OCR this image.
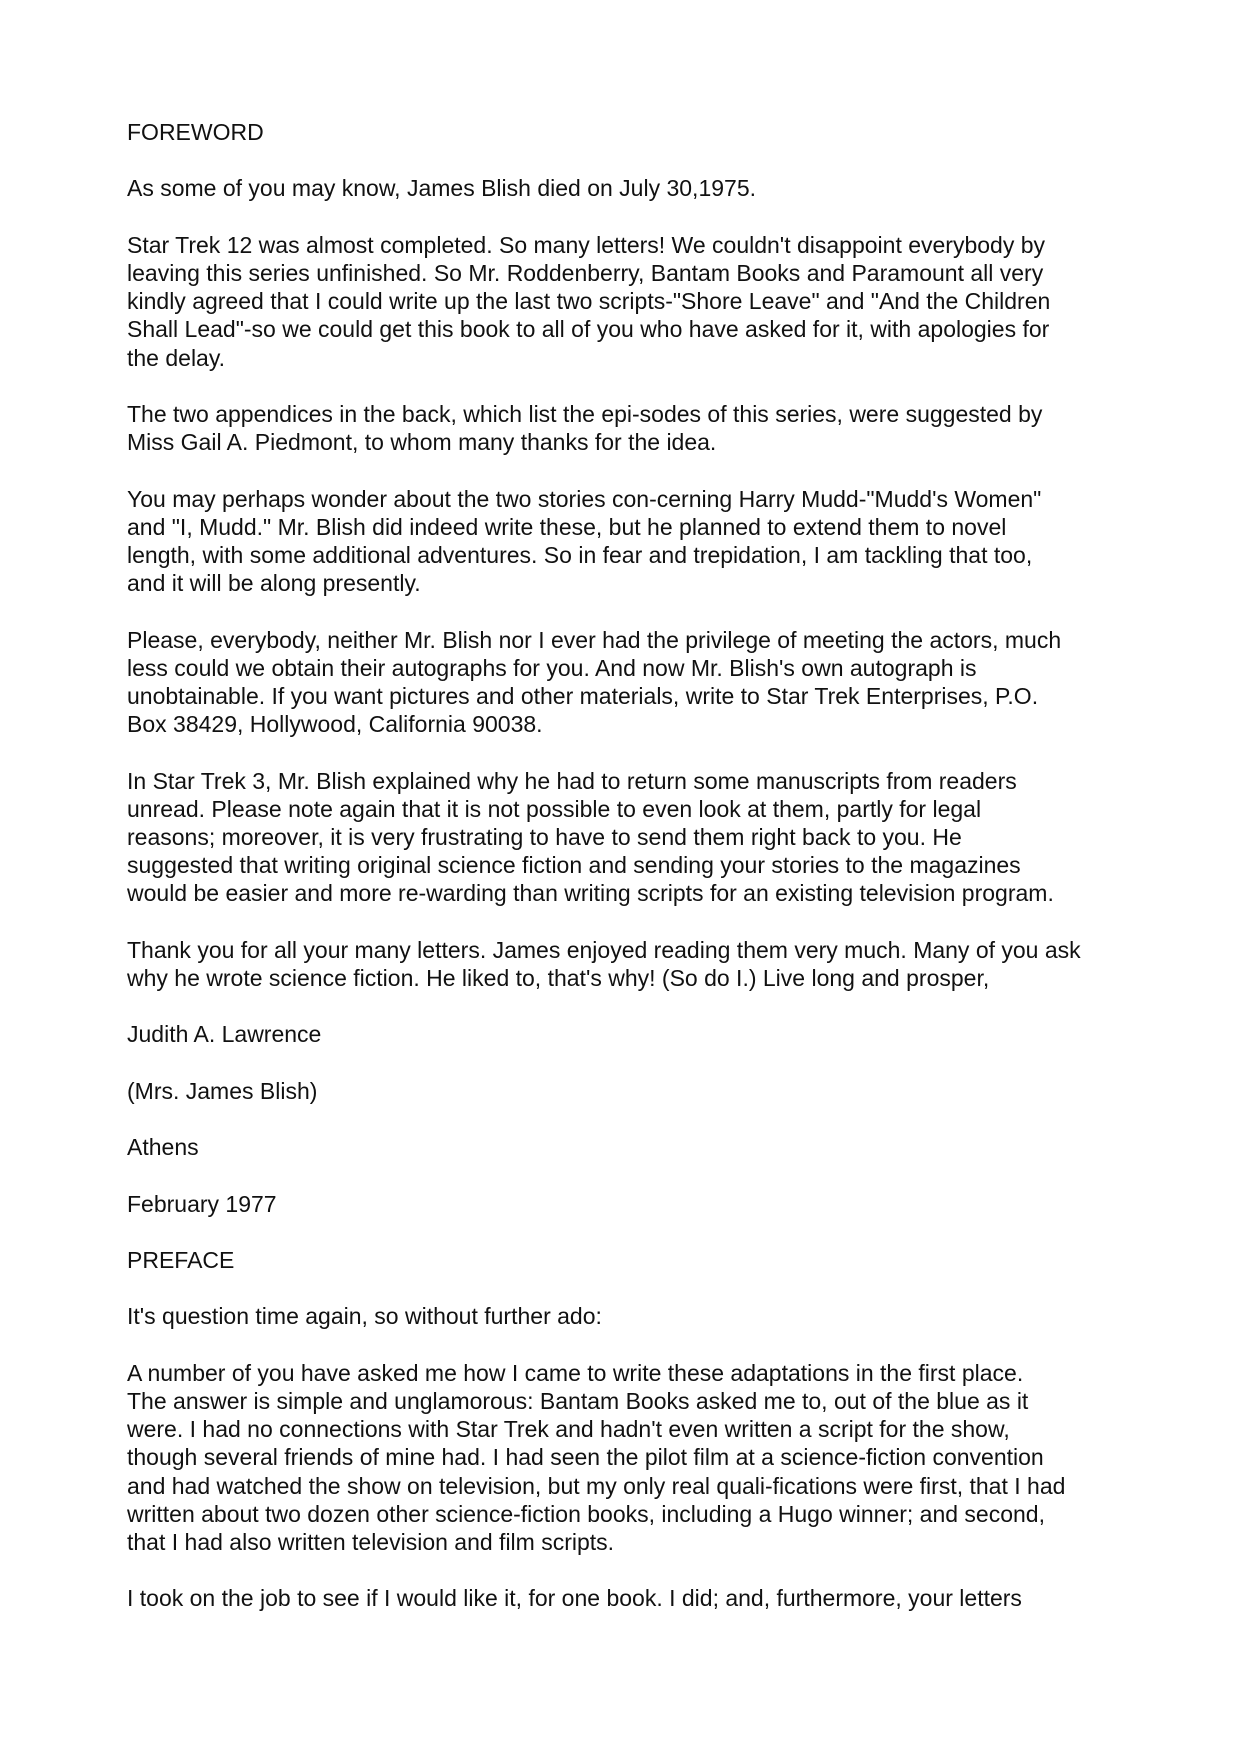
FOREWORD

As some of you may know, James Blish died on July 30,1975.

Star Trek 12 was almost completed. So many letters! We couldn't disappoint everybody by
leaving this series unfinished. So Mr. Roddenberry, Bantam Books and Paramount all very
kindly agreed that I could write up the last two scripts-"Shore Leave" and "And the Children
Shall Lead"-so we could get this book to all of you who have asked for it, with apologies for
the delay.

The two appendices in the back, which list the epi-sodes of this series, were suggested by
Miss Gail A. Piedmont, to whom many thanks for the idea.

You may perhaps wonder about the two stories con-cerning Harry Mudd-"Mudd's Women"
and "I, Mudd." Mr. Blish did indeed write these, but he planned to extend them to novel
length, with some additional adventures. So in fear and trepidation, I am tackling that too,
and it will be along presently.

Please, everybody, neither Mr. Blish nor I ever had the privilege of meeting the actors, much
less could we obtain their autographs for you. And now Mr. Blish's own autograph is
unobtainable. If you want pictures and other materials, write to Star Trek Enterprises, P.O.
Box 38429, Hollywood, California 90038.

In Star Trek 3, Mr. Blish explained why he had to return some manuscripts from readers
unread. Please note again that it is not possible to even look at them, partly for legal
reasons; moreover, it is very frustrating to have to send them right back to you. He
suggested that writing original science fiction and sending your stories to the magazines
would be easier and more re-warding than writing scripts for an existing television program.

Thank you for all your many letters. James enjoyed reading them very much. Many of you ask
why he wrote science fiction. He liked to, that's why! (So do I.) Live long and prosper,

Judith A. Lawrence

(Mrs. James Blish)

Athens

February 1977

PREFACE

It's question time again, so without further ado:

A number of you have asked me how I came to write these adaptations in the first place.
The answer is simple and unglamorous: Bantam Books asked me to, out of the blue as it
were. I had no connections with Star Trek and hadn't even written a script for the show,
though several friends of mine had. I had seen the pilot film at a science-fiction convention
and had watched the show on television, but my only real quali-fications were first, that I had
written about two dozen other science-fiction books, including a Hugo winner; and second,
that I had also written television and film scripts.

I took on the job to see if I would like it, for one book. I did; and, furthermore, your letters
